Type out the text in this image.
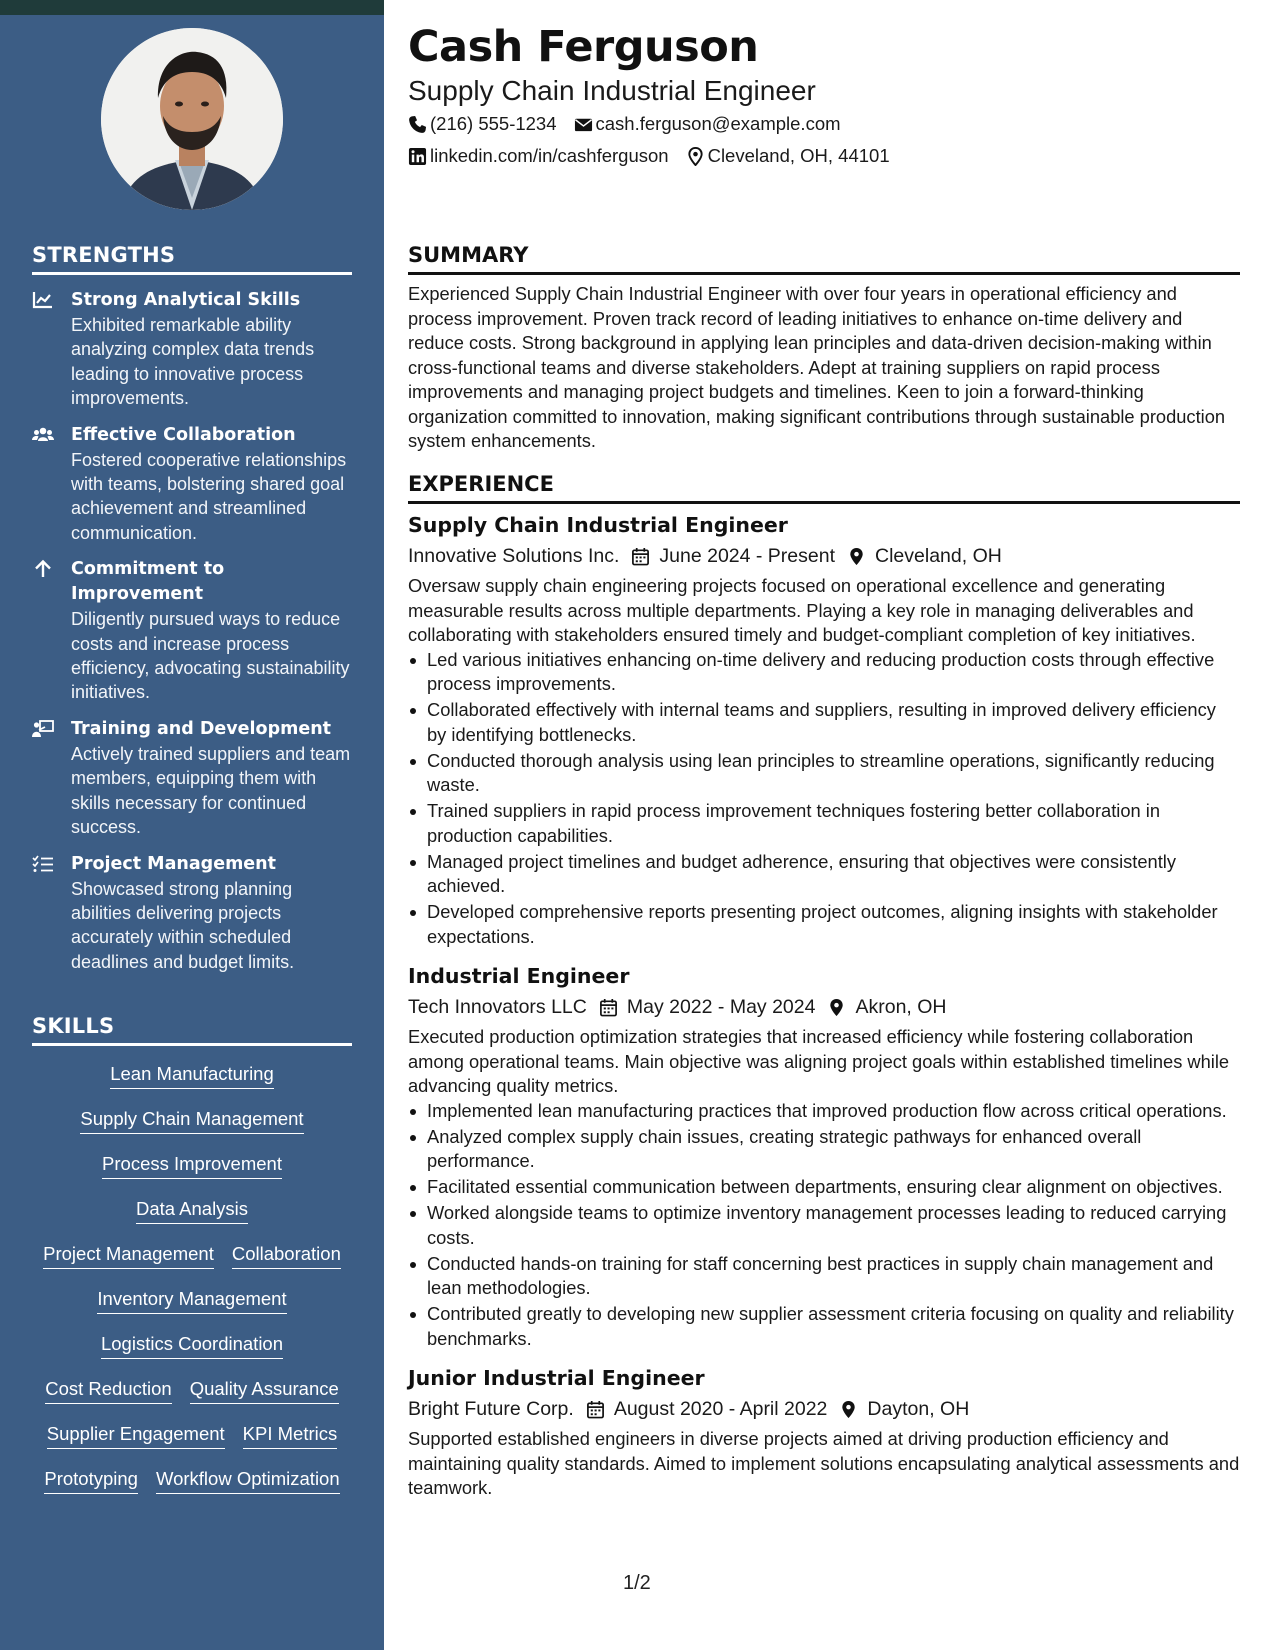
STRENGTHS
Strong Analytical Skills
Exhibited remarkable ability analyzing complex data trends leading to innovative process improvements.
Effective Collaboration
Fostered cooperative relationships with teams, bolstering shared goal achievement and streamlined communication.
Commitment to Improvement
Diligently pursued ways to reduce costs and increase process efficiency, advocating sustainability initiatives.
Training and Development
Actively trained suppliers and team members, equipping them with skills necessary for continued success.
Project Management
Showcased strong planning abilities delivering projects accurately within scheduled deadlines and budget limits.
SKILLS
Lean Manufacturing
Supply Chain Management
Process Improvement
Data Analysis
Project Management Collaboration
Inventory Management
Logistics Coordination
Cost Reduction Quality Assurance
Supplier Engagement KPI Metrics
Prototyping Workflow Optimization
Cash Ferguson
Supply Chain Industrial Engineer
(216) 555-1234 cash.ferguson@example.com
linkedin.com/in/cashferguson Cleveland, OH, 44101
SUMMARY

Experienced Supply Chain Industrial Engineer with over four years in operational efficiency and process improvement. Proven track record of leading initiatives to enhance on-time delivery and reduce costs. Strong background in applying lean principles and data-driven decision-making within cross-functional teams and diverse stakeholders. Adept at training suppliers on rapid process improvements and managing project budgets and timelines. Keen to join a forward-thinking organization committed to innovation, making significant contributions through sustainable production system enhancements.

EXPERIENCE
Supply Chain Industrial Engineer
Innovative Solutions Inc. June 2024 - Present Cleveland, OH

Oversaw supply chain engineering projects focused on operational excellence and generating measurable results across multiple departments. Playing a key role in managing deliverables and collaborating with stakeholders ensured timely and budget-compliant completion of key initiatives.

Led various initiatives enhancing on-time delivery and reducing production costs through effective process improvements.
Collaborated effectively with internal teams and suppliers, resulting in improved delivery efficiency by identifying bottlenecks.
Conducted thorough analysis using lean principles to streamline operations, significantly reducing waste.
Trained suppliers in rapid process improvement techniques fostering better collaboration in production capabilities.
Managed project timelines and budget adherence, ensuring that objectives were consistently achieved.
Developed comprehensive reports presenting project outcomes, aligning insights with stakeholder expectations.
Industrial Engineer
Tech Innovators LLC May 2022 - May 2024 Akron, OH

Executed production optimization strategies that increased efficiency while fostering collaboration among operational teams. Main objective was aligning project goals within established timelines while advancing quality metrics.

Implemented lean manufacturing practices that improved production flow across critical operations.
Analyzed complex supply chain issues, creating strategic pathways for enhanced overall performance.
Facilitated essential communication between departments, ensuring clear alignment on objectives.
Worked alongside teams to optimize inventory management processes leading to reduced carrying costs.
Conducted hands-on training for staff concerning best practices in supply chain management and lean methodologies.
Contributed greatly to developing new supplier assessment criteria focusing on quality and reliability benchmarks.
Junior Industrial Engineer
Bright Future Corp. August 2020 - April 2022 Dayton, OH

Supported established engineers in diverse projects aimed at driving production efficiency and maintaining quality standards. Aimed to implement solutions encapsulating analytical assessments and teamwork.

1/2
